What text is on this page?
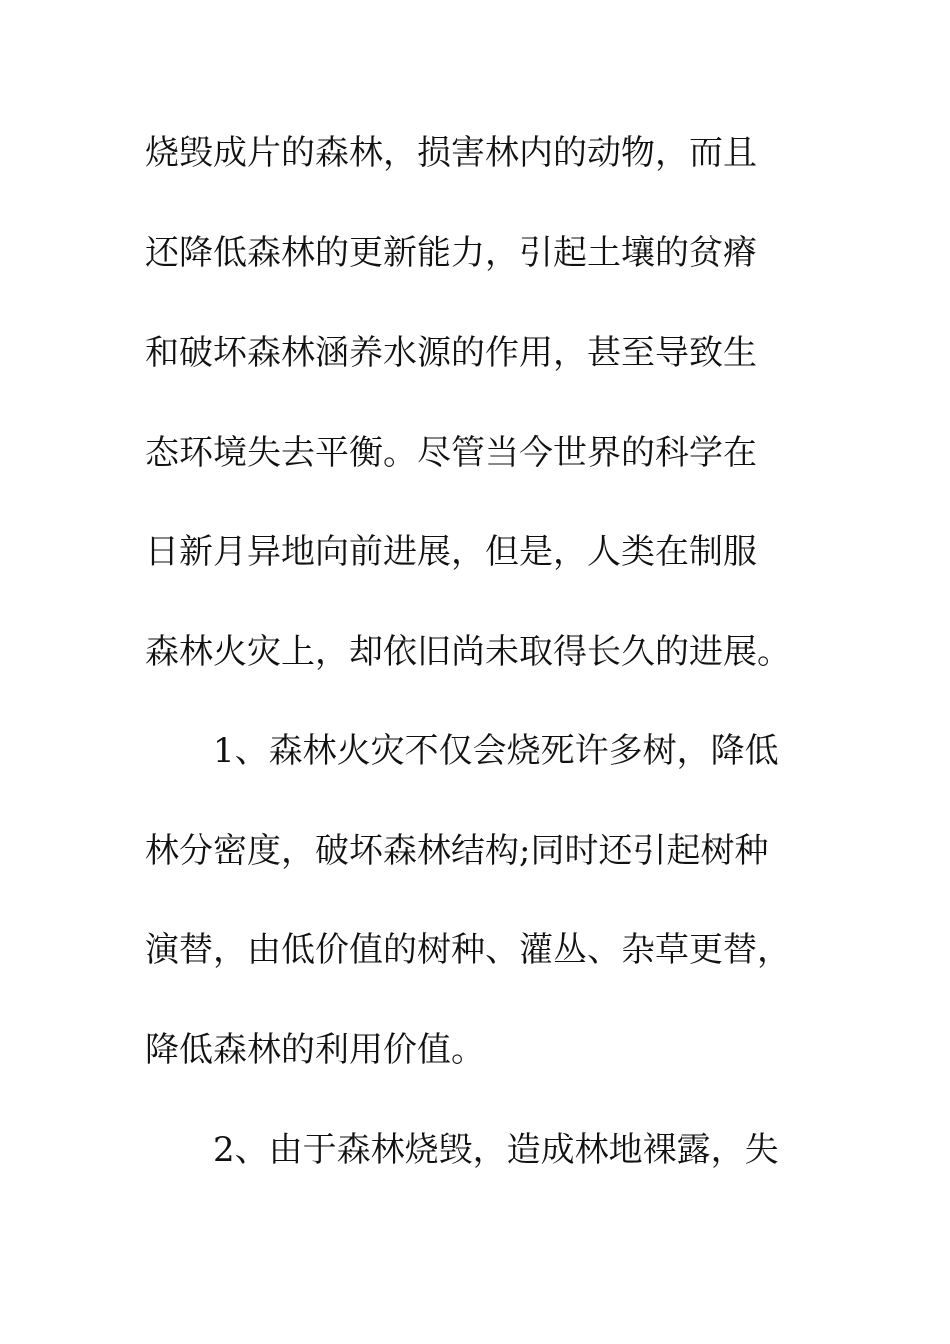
烧毁成片的森林，损害林内的动物，而且
还降低森林的更新能力，引起土壤的贫瘠
和破坏森林涵养水源的作用，甚至导致生
态环境失去平衡。尽管当今世界的科学在
日新月异地向前进展，但是，人类在制服
森林火灾上，却依旧尚未取得长久的进展。
1、森林火灾不仅会烧死许多树，降低
林分密度，破坏森林结构;同时还引起树种
演替，由低价值的树种、灌丛、杂草更替，
降低森林的利用价值。
2、由于森林烧毁，造成林地裸露，失
